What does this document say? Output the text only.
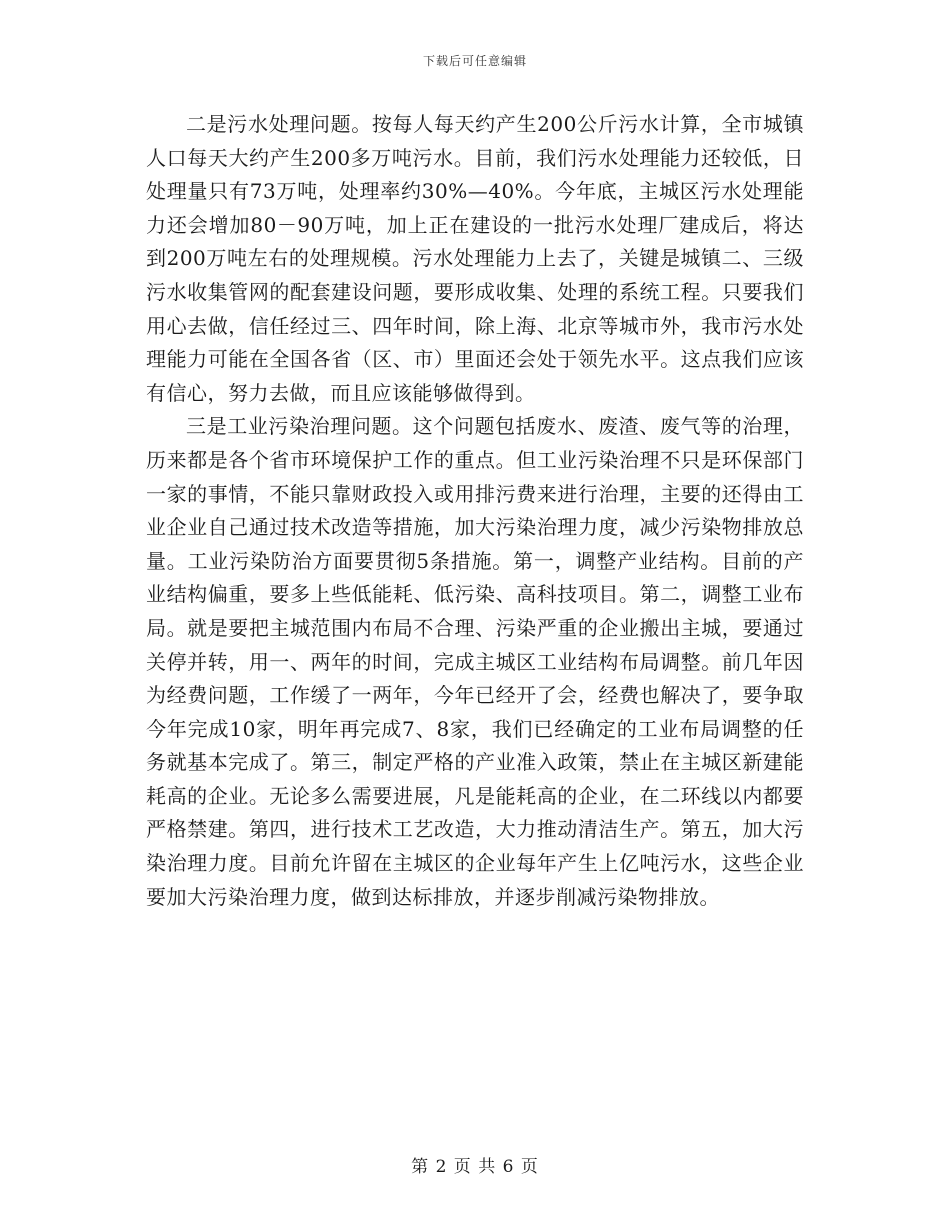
下载后可任意编辑

二是污水处理问题。按每人每天约产生200公斤污水计算，全市城镇人口每天大约产生200多万吨污水。目前，我们污水处理能力还较低，日处理量只有73万吨，处理率约30%—40%。今年底，主城区污水处理能力还会增加80－90万吨，加上正在建设的一批污水处理厂建成后，将达到200万吨左右的处理规模。污水处理能力上去了，关键是城镇二、三级污水收集管网的配套建设问题，要形成收集、处理的系统工程。只要我们用心去做，信任经过三、四年时间，除上海、北京等城市外，我市污水处理能力可能在全国各省（区、市）里面还会处于领先水平。这点我们应该有信心，努力去做，而且应该能够做得到。

三是工业污染治理问题。这个问题包括废水、废渣、废气等的治理，历来都是各个省市环境保护工作的重点。但工业污染治理不只是环保部门一家的事情，不能只靠财政投入或用排污费来进行治理，主要的还得由工业企业自己通过技术改造等措施，加大污染治理力度，减少污染物排放总量。工业污染防治方面要贯彻5条措施。第一，调整产业结构。目前的产业结构偏重，要多上些低能耗、低污染、高科技项目。第二，调整工业布局。就是要把主城范围内布局不合理、污染严重的企业搬出主城，要通过关停并转，用一、两年的时间，完成主城区工业结构布局调整。前几年因为经费问题，工作缓了一两年，今年已经开了会，经费也解决了，要争取今年完成10家，明年再完成7、8家，我们已经确定的工业布局调整的任务就基本完成了。第三，制定严格的产业准入政策，禁止在主城区新建能耗高的企业。无论多么需要进展，凡是能耗高的企业，在二环线以内都要严格禁建。第四，进行技术工艺改造，大力推动清洁生产。第五，加大污染治理力度。目前允许留在主城区的企业每年产生上亿吨污水，这些企业要加大污染治理力度，做到达标排放，并逐步削减污染物排放。

第 2 页 共 6 页
